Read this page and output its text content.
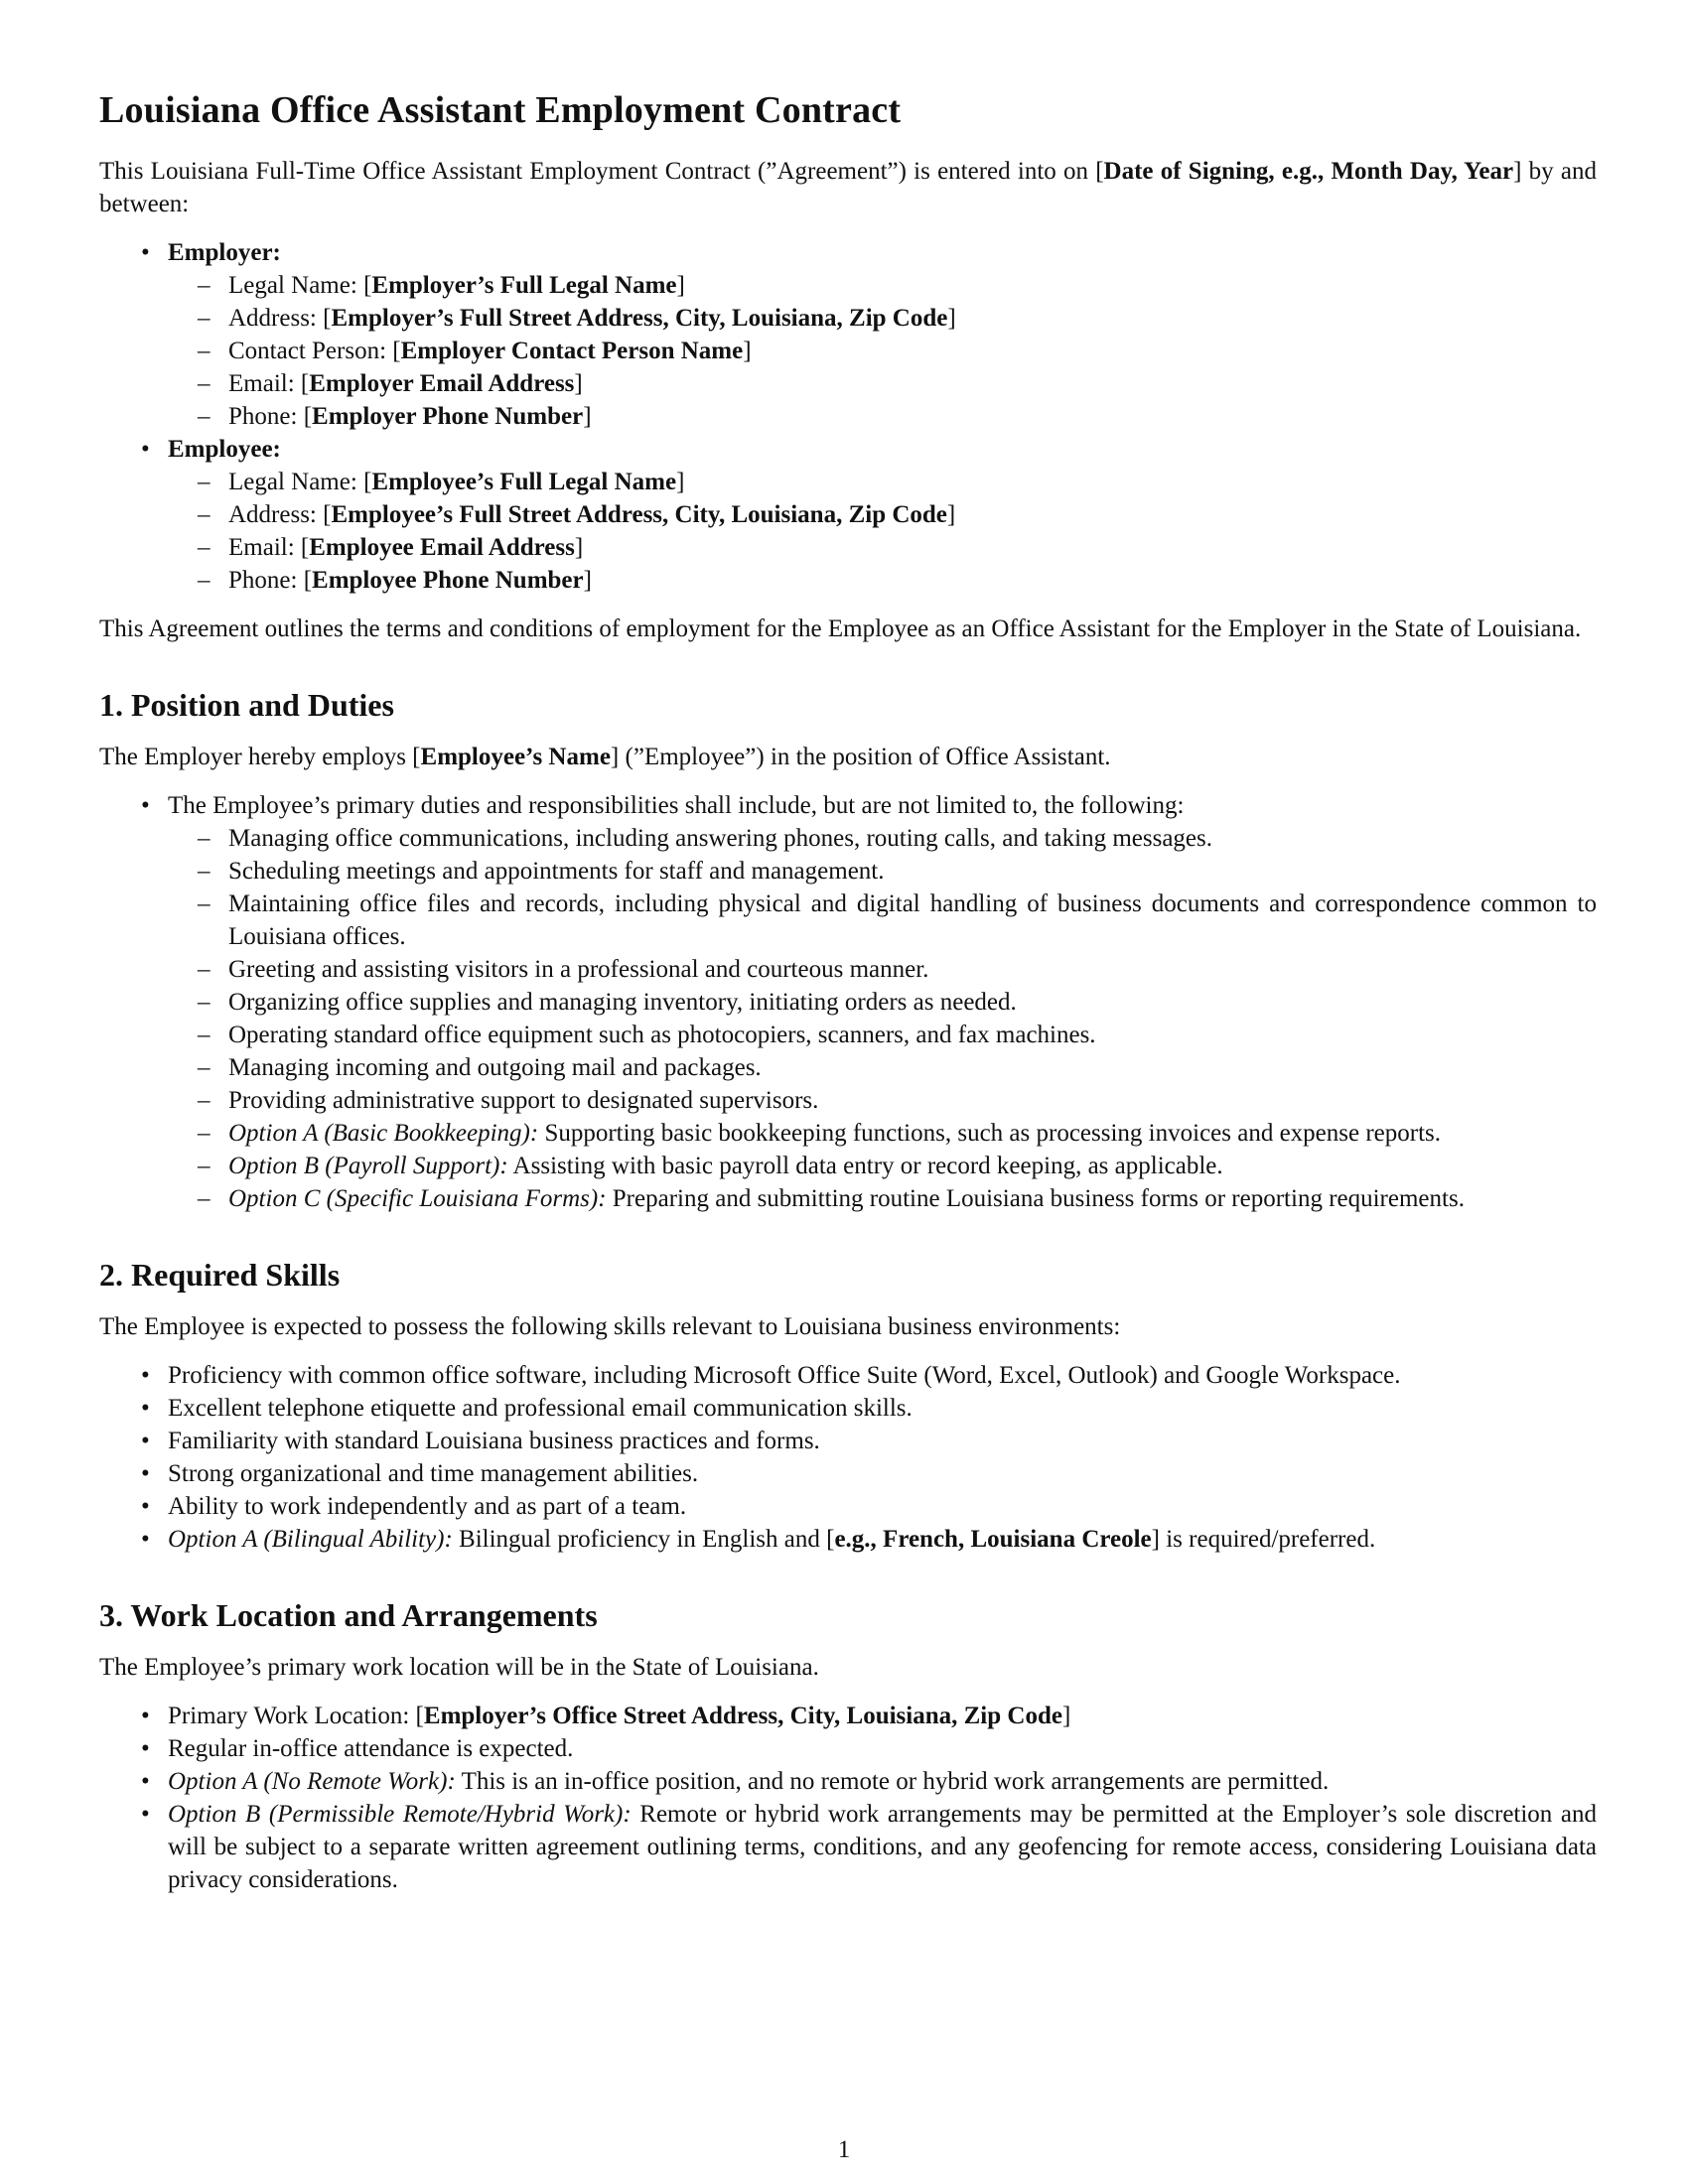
Louisiana Office Assistant Employment Contract

This Louisiana Full-Time Office Assistant Employment Contract (”Agreement”) is entered into on [Date of Signing, e.g., Month Day, Year] by and between:

• Employer:
– Legal Name: [Employer’s Full Legal Name]
– Address: [Employer’s Full Street Address, City, Louisiana, Zip Code]
– Contact Person: [Employer Contact Person Name]
– Email: [Employer Email Address]
– Phone: [Employer Phone Number]
• Employee:
– Legal Name: [Employee’s Full Legal Name]
– Address: [Employee’s Full Street Address, City, Louisiana, Zip Code]
– Email: [Employee Email Address]
– Phone: [Employee Phone Number]

This Agreement outlines the terms and conditions of employment for the Employee as an Office Assistant for the Employer in the State of Louisiana.

1. Position and Duties

The Employer hereby employs [Employee’s Name] (”Employee”) in the position of Office Assistant.

• The Employee’s primary duties and responsibilities shall include, but are not limited to, the following:
– Managing office communications, including answering phones, routing calls, and taking messages.
– Scheduling meetings and appointments for staff and management.
– Maintaining office files and records, including physical and digital handling of business documents and correspondence common to Louisiana offices.
– Greeting and assisting visitors in a professional and courteous manner.
– Organizing office supplies and managing inventory, initiating orders as needed.
– Operating standard office equipment such as photocopiers, scanners, and fax machines.
– Managing incoming and outgoing mail and packages.
– Providing administrative support to designated supervisors.
– Option A (Basic Bookkeeping): Supporting basic bookkeeping functions, such as processing invoices and expense reports.
– Option B (Payroll Support): Assisting with basic payroll data entry or record keeping, as applicable.
– Option C (Specific Louisiana Forms): Preparing and submitting routine Louisiana business forms or reporting requirements.
2. Required Skills

The Employee is expected to possess the following skills relevant to Louisiana business environments:

• Proficiency with common office software, including Microsoft Office Suite (Word, Excel, Outlook) and Google Workspace.
• Excellent telephone etiquette and professional email communication skills.
• Familiarity with standard Louisiana business practices and forms.
• Strong organizational and time management abilities.
• Ability to work independently and as part of a team.
• Option A (Bilingual Ability): Bilingual proficiency in English and [e.g., French, Louisiana Creole] is required/preferred.
3. Work Location and Arrangements

The Employee’s primary work location will be in the State of Louisiana.

• Primary Work Location: [Employer’s Office Street Address, City, Louisiana, Zip Code]
• Regular in-office attendance is expected.
• Option A (No Remote Work): This is an in-office position, and no remote or hybrid work arrangements are permitted.
• Option B (Permissible Remote/Hybrid Work): Remote or hybrid work arrangements may be permitted at the Employer’s sole discretion and will be subject to a separate written agreement outlining terms, conditions, and any geofencing for remote access, considering Louisiana data privacy considerations.
1
